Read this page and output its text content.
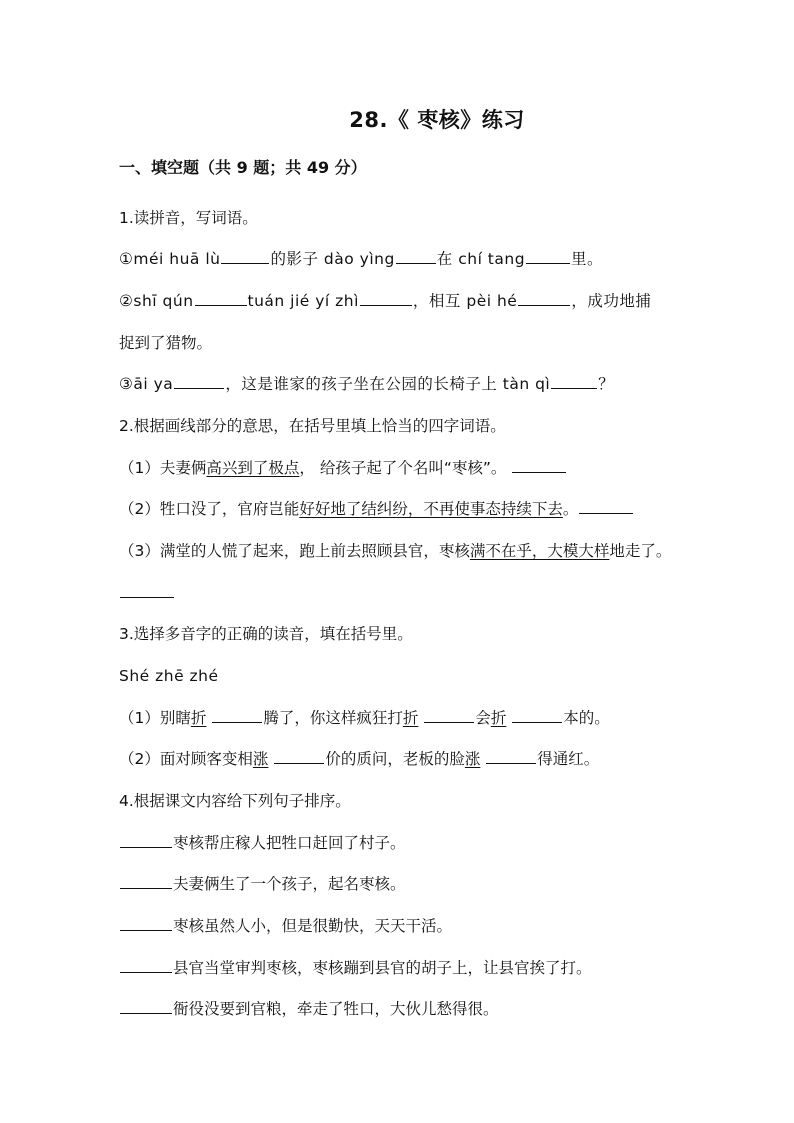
28.《 枣核》练习
一、填空题（共 9 题；共 49 分）
1.读拼音，写词语。
①méi huā lù	的影子 dào yìng	在 chí tang	里。
②shī qún	tuán jié yí zhì	，相互 pèi hé	，成功地捕
捉到了猎物。
③āi ya	，这是谁家的孩子坐在公园的长椅子上 tàn qì	？
2.根据画线部分的意思，在括号里填上恰当的四字词语。
（1）夫妻俩高兴到了极点， 给孩子起了个名叫“枣核”。
（2）牲口没了，官府岂能好好地了结纠纷，不再使事态持续下去。
（3）满堂的人慌了起来，跑上前去照顾县官，枣核满不在乎，大模大样地走了。
3.选择多音字的正确的读音，填在括号里。
Shé zhē zhé
（1）别瞎折	腾了，你这样疯狂打折	会折	本的。
（2）面对顾客变相涨	价的质问，老板的脸涨	得通红。
4.根据课文内容给下列句子排序。
枣核帮庄稼人把牲口赶回了村子。
夫妻俩生了一个孩子，起名枣核。
枣核虽然人小，但是很勤快，天天干活。
县官当堂审判枣核，枣核蹦到县官的胡子上，让县官挨了打。
衙役没要到官粮，牵走了牲口，大伙儿愁得很。
